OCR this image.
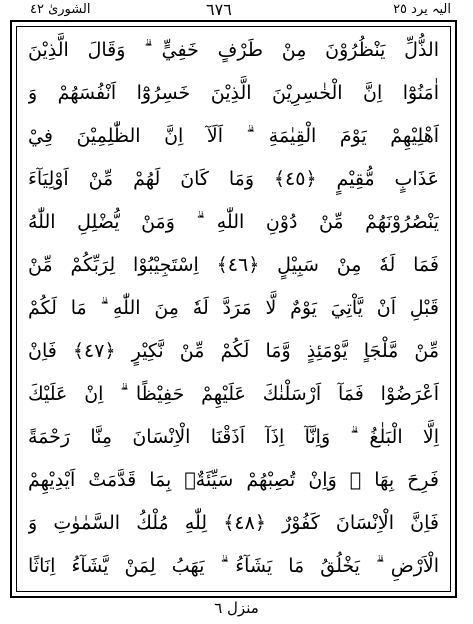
الشوریٰ ٤٢	٦٧٦	الیہ یرد ٢٥
الذُّلِّ يَنْظُرُوْنَ مِنْ طَرْفٍ خَفِيٍّ ۗ وَقَالَ الَّذِيْنَ
اٰمَنُوْٓا اِنَّ الْخٰسِرِيْنَ الَّذِيْنَ خَسِرُوْٓا اَنْفُسَهُمْ وَ
اَهْلِيْهِمْ يَوْمَ الْقِيٰمَةِ ۗ اَلَآ اِنَّ الظّٰلِمِيْنَ فِيْ
عَذَابٍ مُّقِيْمٍ ﴿٤٥﴾ وَمَا كَانَ لَهُمْ مِّنْ اَوْلِيَآءَ
يَنْصُرُوْنَهُمْ مِّنْ دُوْنِ اللّٰهِ ۗ وَمَنْ يُّضْلِلِ اللّٰهُ
فَمَا لَهٗ مِنْ سَبِيْلٍ ﴿٤٦﴾ اِسْتَجِيْبُوْا لِرَبِّكُمْ مِّنْ
قَبْلِ اَنْ يَّاْتِيَ يَوْمٌ لَّا مَرَدَّ لَهٗ مِنَ اللّٰهِ ۗ مَا لَكُمْ
مِّنْ مَّلْجَاٍ يَّوْمَئِذٍ وَّمَا لَكُمْ مِّنْ نَّكِيْرٍ ﴿٤٧﴾ فَاِنْ
اَعْرَضُوْا فَمَآ اَرْسَلْنٰكَ عَلَيْهِمْ حَفِيْظًا ۗ اِنْ عَلَيْكَ
اِلَّا الْبَلٰغُ ۗ وَاِنَّآ اِذَآ اَذَقْنَا الْاِنْسَانَ مِنَّا رَحْمَةً
فَرِحَ بِهَا ۚ وَاِنْ تُصِبْهُمْ سَيِّئَةٌۢ بِمَا قَدَّمَتْ اَيْدِيْهِمْ
فَاِنَّ الْاِنْسَانَ كَفُوْرٌ ﴿٤٨﴾ لِلّٰهِ مُلْكُ السَّمٰوٰتِ وَ
الْاَرْضِ ۗ يَخْلُقُ مَا يَشَآءُ ۗ يَهَبُ لِمَنْ يَّشَآءُ اِنَاثًا
منزل ٦
